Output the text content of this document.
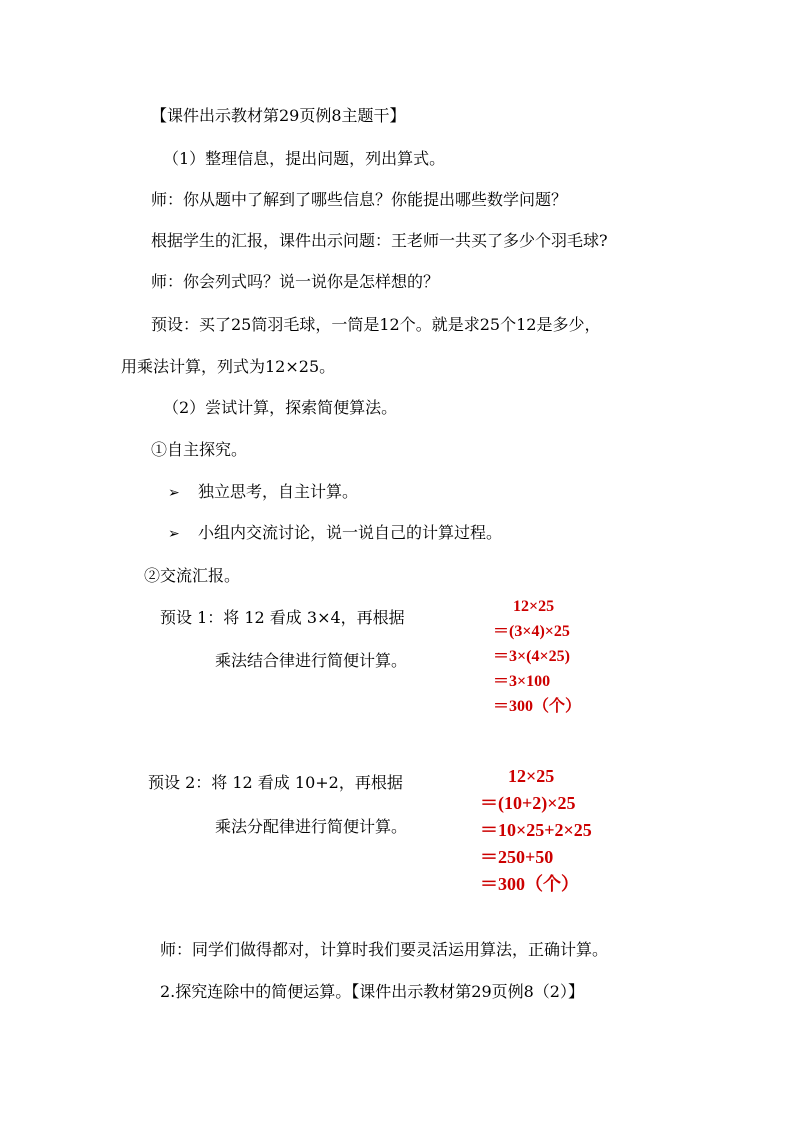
【课件出示教材第29页例8主题干】
（1）整理信息，提出问题，列出算式。
师：你从题中了解到了哪些信息？你能提出哪些数学问题？
根据学生的汇报，课件出示问题：王老师一共买了多少个羽毛球?
师：你会列式吗？说一说你是怎样想的？
预设：买了25筒羽毛球，一筒是12个。就是求25个12是多少，
用乘法计算，列式为12×25。
（2）尝试计算，探索简便算法。
①自主探究。
➢ 独立思考，自主计算。
➢ 小组内交流讨论，说一说自己的计算过程。
②交流汇报。
预设 1：将 12 看成 3×4，再根据
乘法结合律进行简便计算。
12×25
＝(3×4)×25
＝3×(4×25)
＝3×100
＝300（个）
预设 2：将 12 看成 10+2，再根据
乘法分配律进行简便计算。
12×25
＝(10+2)×25
＝10×25+2×25
＝250+50
＝300（个）
师：同学们做得都对，计算时我们要灵活运用算法，正确计算。
2.探究连除中的简便运算。【课件出示教材第29页例8（2）】
